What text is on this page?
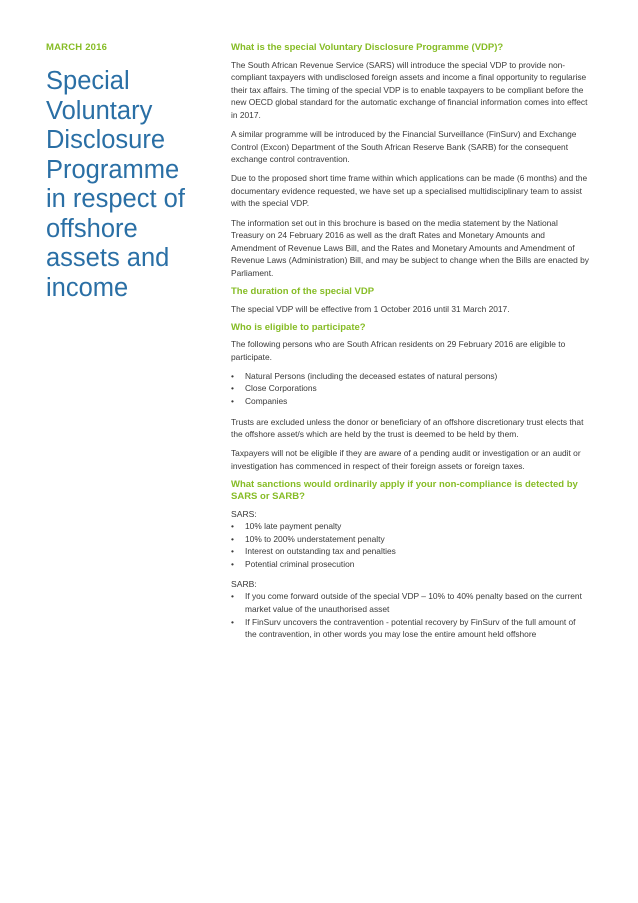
MARCH 2016
Special
Voluntary
Disclosure
Programme
in respect of
offshore
assets and
income
What is the special Voluntary Disclosure Programme (VDP)?

The South African Revenue Service (SARS) will introduce the special VDP to provide non-compliant taxpayers with undisclosed foreign assets and income a final opportunity to regularise their tax affairs. The timing of the special VDP is to enable taxpayers to be compliant before the new OECD global standard for the automatic exchange of financial information comes into effect in 2017.

A similar programme will be introduced by the Financial Surveillance (FinSurv) and Exchange Control (Excon) Department of the South African Reserve Bank (SARB) for the consequent exchange control contravention.

Due to the proposed short time frame within which applications can be made (6 months) and the documentary evidence requested, we have set up a specialised multidisciplinary team to assist with the special VDP.

The information set out in this brochure is based on the media statement by the National Treasury on 24 February 2016 as well as the draft Rates and Monetary Amounts and Amendment of Revenue Laws Bill, and the Rates and Monetary Amounts and Amendment of Revenue Laws (Administration) Bill, and may be subject to change when the Bills are enacted by Parliament.

The duration of the special VDP

The special VDP will be effective from 1 October 2016 until 31 March 2017.

Who is eligible to participate?

The following persons who are South African residents on 29 February 2016 are eligible to participate.

• Natural Persons (including the deceased estates of natural persons)
• Close Corporations
• Companies

Trusts are excluded unless the donor or beneficiary of an offshore discretionary trust elects that the offshore asset/s which are held by the trust is deemed to be held by them.

Taxpayers will not be eligible if they are aware of a pending audit or investigation or an audit or investigation has commenced in respect of their foreign assets or foreign taxes.

What sanctions would ordinarily apply if your non-compliance is detected by SARS or SARB?
SARS:
• 10% late payment penalty
• 10% to 200% understatement penalty
• Interest on outstanding tax and penalties
• Potential criminal prosecution
SARB:
• If you come forward outside of the special VDP – 10% to 40% penalty based on the current market value of the unauthorised asset
• If FinSurv uncovers the contravention - potential recovery by FinSurv of the full amount of the contravention, in other words you may lose the entire amount held offshore
